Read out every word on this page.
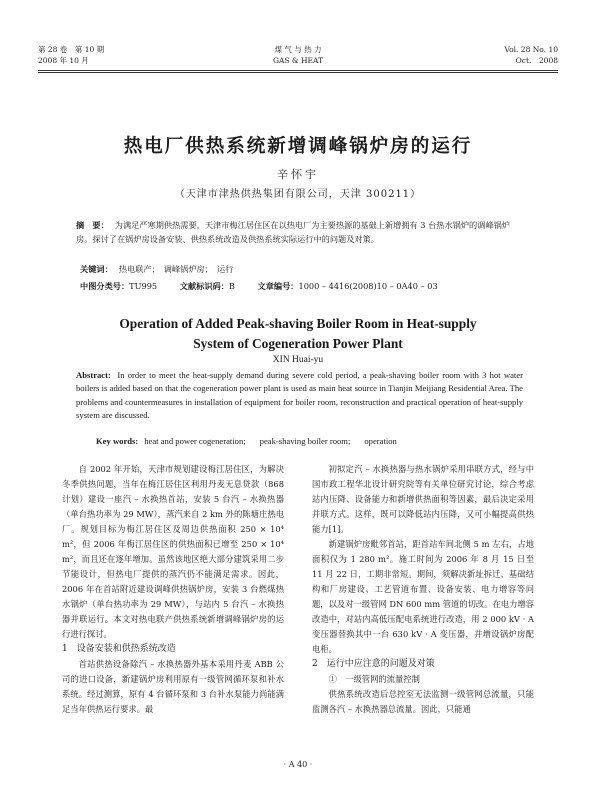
第 28 卷　第 10 期
2008 年 10 月
煤 气 与 热 力
GAS & HEAT
Vol. 28 No. 10
Oct.　2008
热电厂供热系统新增调峰锅炉房的运行
辛怀宇
（天津市津热供热集团有限公司，天津 300211）
摘　要： 为满足严寒期供热需要，天津市梅江居住区在以热电厂为主要热源的基础上新增拥有 3 台热水锅炉的调峰锅炉房。探讨了在锅炉房设备安装、供热系统改造及供热系统实际运行中的问题及对策。
关键词： 热电联产；　调峰锅炉房；　运行
中图分类号：TU995	文献标识码：B	文章编号：1000 – 4416(2008)10 – 0A40 – 03
Operation of Added Peak-shaving Boiler Room in Heat-supply
System of Cogeneration Power Plant
XIN Huai-yu
Abstract: In order to meet the heat-supply demand during severe cold period, a peak-shaving boiler room with 3 hot water boilers is added based on that the cogeneration power plant is used as main heat source in Tianjin Meijiang Residential Area. The problems and countermeasures in installation of equipment for boiler room, reconstruction and practical operation of heat-supply system are discussed.
Key words: heat and power cogeneration; peak-shaving boiler room; operation

自 2002 年开始，天津市规划建设梅江居住区，为解决冬季供热问题，当年在梅江居住区利用丹麦无息贷款（868 计划）建设一座汽 – 水换热首站，安装 5 台汽 – 水换热器（单台热功率为 29 MW），蒸汽来自 2 km 外的陈塘庄热电厂。规划目标为梅江居住区及周边供热面积 250 × 10⁴ m²，但 2006 年梅江居住区的供热面积已增至 250 × 10⁴ m²，而且还在逐年增加。虽然该地区绝大部分建筑采用二步节能设计，但热电厂提供的蒸汽仍不能满足需求。因此，2006 年在首站附近建设调峰供热锅炉房，安装 3 台燃煤热水锅炉（单台热功率为 29 MW），与站内 5 台汽 – 水换热器并联运行。本文对热电联产供热系统新增调峰锅炉房的运行进行探讨。

1　设备安装和供热系统改造

首站供热设备除汽 – 水换热器外基本采用丹麦 ABB 公司的进口设备，新建锅炉房利用原有一级管网循环泵和补水系统。经过测算，原有 4 台循环泵和 3 台补水泵能力尚能满足当年供热运行要求。最

初拟定汽 – 水换热器与热水锅炉采用串联方式，经与中国市政工程华北设计研究院等有关单位研究讨论，综合考虑站内压降、设备能力和新增供热面积等因素，最后决定采用并联方式。这样，既可以降低站内压降，又可小幅提高供热能力[1]。

新建锅炉房毗邻首站，距首站车间北侧 5 m 左右，占地面积仅为 1 280 m²。施工时间为 2006 年 8 月 15 日至 11 月 22 日，工期非常短。期间，须解决新址拆迁、基础结构和厂房建设、工艺管道布置、设备安装、电力增容等问题，以及对一级管网 DN 600 mm 管道的切改。在电力增容改造中，对站内高低压配电系统进行改造，用 2 000 kV · A 变压器替换其中一台 630 kV · A 变压器，并增设锅炉房配电柜。

2　运行中应注意的问题及对策
①　一级管网的流量控制

供热系统改造后总控室无法监测一级管网总流量，只能监测各汽 – 水换热器总流量。因此，只能通

· A 40 ·
